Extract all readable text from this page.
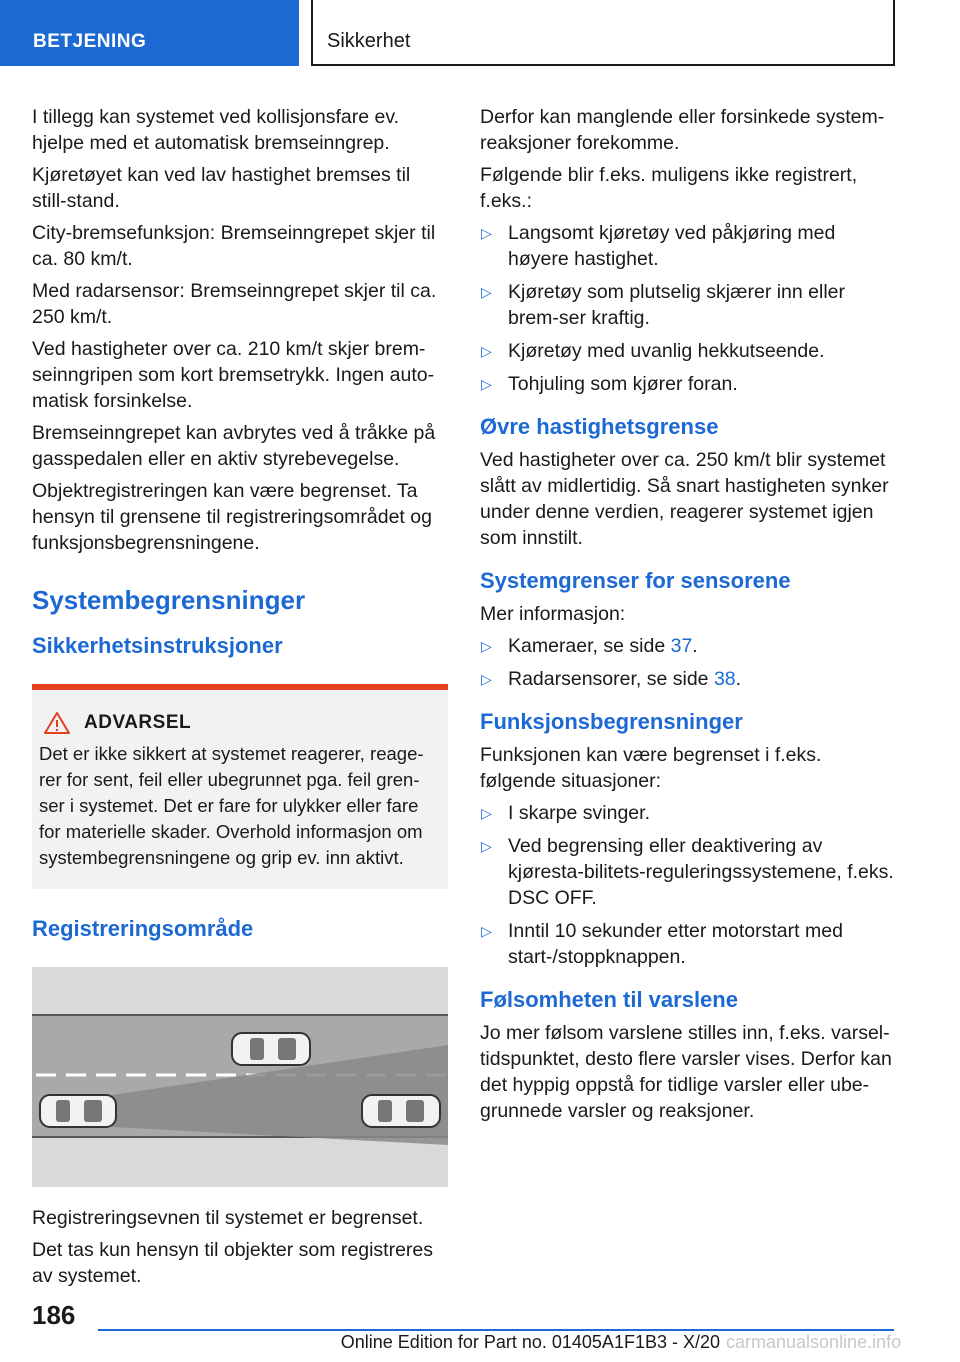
BETJENING	Sikkerhet

I tillegg kan systemet ved kollisjonsfare ev. hjelpe med et automatisk bremseinngrep.

Kjøretøyet kan ved lav hastighet bremses til still-stand.

City-bremsefunksjon: Bremseinngrepet skjer til ca. 80 km/t.

Med radarsensor: Bremseinngrepet skjer til ca. 250 km/t.

Ved hastigheter over ca. 210 km/t skjer brem-seinngripen som kort bremsetrykk. Ingen auto-matisk forsinkelse.

Bremseinngrepet kan avbrytes ved å tråkke på gasspedalen eller en aktiv styrebevegelse.

Objektregistreringen kan være begrenset. Ta hensyn til grensene til registreringsområdet og funksjonsbegrensningene.

Systembegrensninger
Sikkerhetsinstruksjoner
ADVARSEL
Det er ikke sikkert at systemet reagerer, reage-rer for sent, feil eller ubegrunnet pga. feil gren-ser i systemet. Det er fare for ulykker eller fare for materielle skader. Overhold informasjon om systembegrensningene og grip ev. inn aktivt.
Registreringsområde

Registreringsevnen til systemet er begrenset.

Det tas kun hensyn til objekter som registreres av systemet.

Derfor kan manglende eller forsinkede system-reaksjoner forekomme.

Følgende blir f.eks. muligens ikke registrert, f.eks.:

▷ Langsomt kjøretøy ved påkjøring med høyere hastighet.
▷ Kjøretøy som plutselig skjærer inn eller brem-ser kraftig.
▷ Kjøretøy med uvanlig hekkutseende.
▷ Tohjuling som kjører foran.
Øvre hastighetsgrense

Ved hastigheter over ca. 250 km/t blir systemet slått av midlertidig. Så snart hastigheten synker under denne verdien, reagerer systemet igjen som innstilt.

Systemgrenser for sensorene

Mer informasjon:

▷ Kameraer, se side 37.
▷ Radarsensorer, se side 38.
Funksjonsbegrensninger

Funksjonen kan være begrenset i f.eks. følgende situasjoner:

▷ I skarpe svinger.
▷ Ved begrensing eller deaktivering av kjøresta-bilitets-reguleringssystemene, f.eks. DSC OFF.
▷ Inntil 10 sekunder etter motorstart med start-/stoppknappen.
Følsomheten til varslene

Jo mer følsom varslene stilles inn, f.eks. varsel-tidspunktet, desto flere varsler vises. Derfor kan det hyppig oppstå for tidlige varsler eller ube-grunnede varsler og reaksjoner.

186
Online Edition for Part no. 01405A1F1B3 - X/20 carmanualsonline.info
